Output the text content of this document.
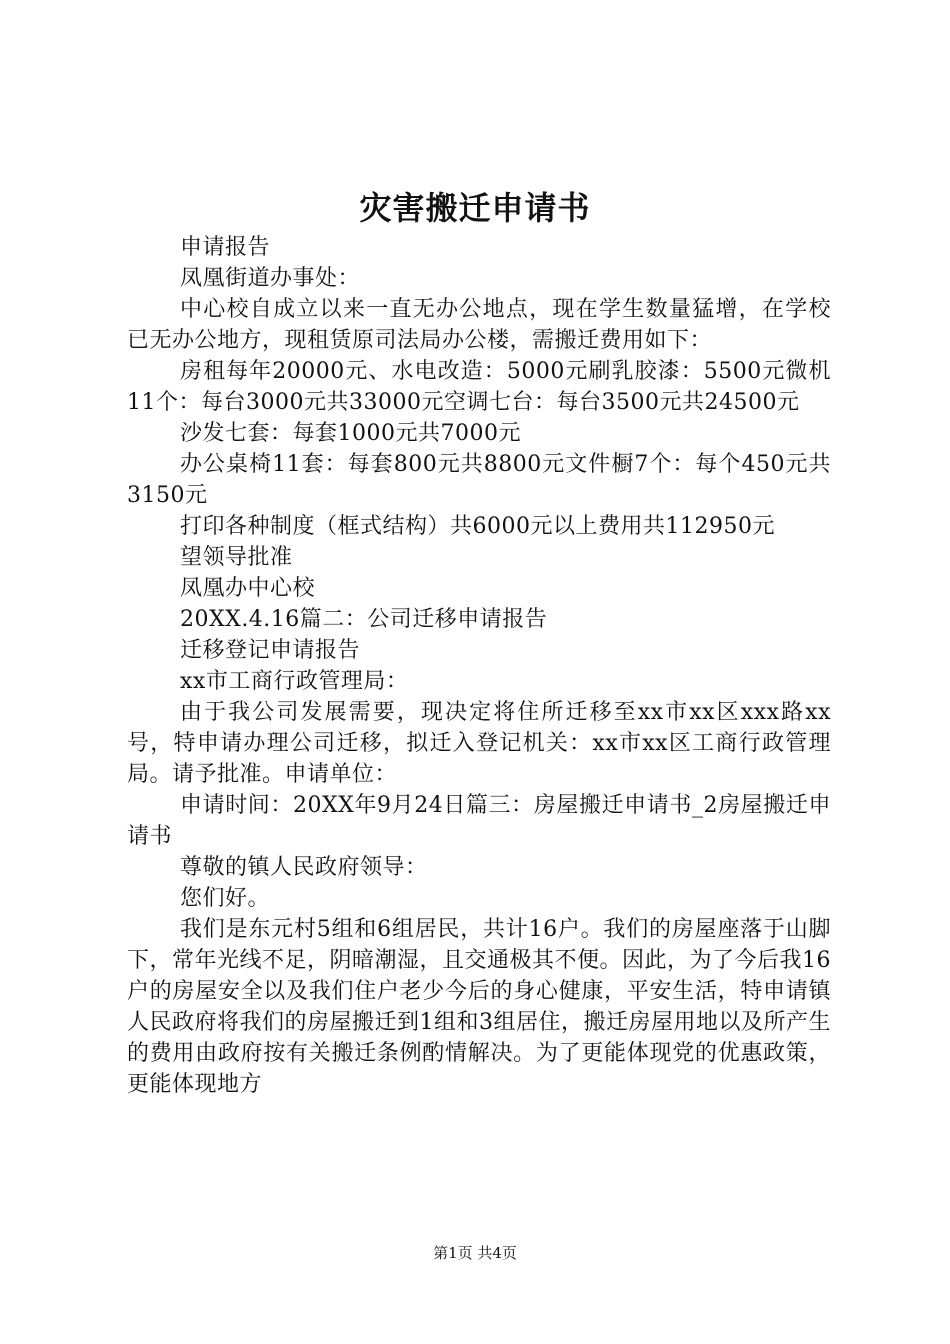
灾害搬迁申请书

申请报告

凤凰街道办事处：

中心校自成立以来一直无办公地点，现在学生数量猛增，在学校已无办公地方，现租赁原司法局办公楼，需搬迁费用如下：

房租每年20000元、水电改造：5000元刷乳胶漆：5500元微机11个：每台3000元共33000元空调七台：每台3500元共24500元

沙发七套：每套1000元共7000元

办公桌椅11套：每套800元共8800元文件橱7个：每个450元共3150元

打印各种制度（框式结构）共6000元以上费用共112950元

望领导批准

凤凰办中心校

20XX.4.16篇二：公司迁移申请报告

迁移登记申请报告

xx市工商行政管理局：

由于我公司发展需要，现决定将住所迁移至xx市xx区xxx路xx号，特申请办理公司迁移，拟迁入登记机关：xx市xx区工商行政管理局。请予批准。申请单位：

申请时间：20XX年9月24日篇三：房屋搬迁申请书_2房屋搬迁申请书

尊敬的镇人民政府领导：

您们好。

我们是东元村5组和6组居民，共计16户。我们的房屋座落于山脚下，常年光线不足，阴暗潮湿，且交通极其不便。因此，为了今后我16户的房屋安全以及我们住户老少今后的身心健康，平安生活，特申请镇人民政府将我们的房屋搬迁到1组和3组居住，搬迁房屋用地以及所产生的费用由政府按有关搬迁条例酌情解决。为了更能体现党的优惠政策，更能体现地方

第1页 共4页
